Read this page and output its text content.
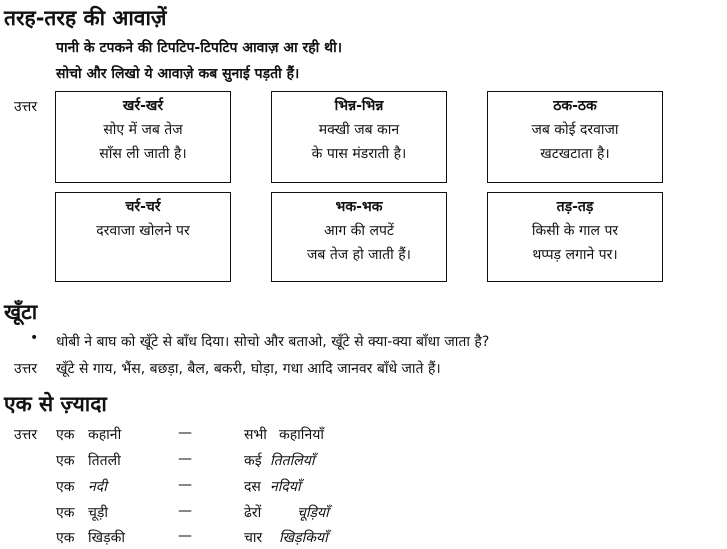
तरह-तरह की आवाज़ें
पानी के टपकने की टिपटिप-टिपटिप आवाज़ आ रही थी।
सोचो और लिखो ये आवाज़े कब सुनाई पड़ती हैं।
उत्तर	खर्र-खर्र
सोए में जब तेज
साँस ली जाती है।
भिन्न-भिन्न
मक्खी जब कान
के पास मंडराती है।
ठक-ठक
जब कोई दरवाजा
खटखटाता है।
चर्र-चर्र
दरवाजा खोलने पर
भक-भक
आग की लपटें
जब तेज हो जाती हैं।
तड़-तड़
किसी के गाल पर
थप्पड़ लगाने पर।
खूँटा
• धोबी ने बाघ को खूँटे से बाँध दिया। सोचो और बताओ, खूँटे से क्या-क्या बाँधा जाता है?
उत्तर खूँटे से गाय, भैंस, बछड़ा, बैल, बकरी, घोड़ा, गधा आदि जानवर बाँधे जाते हैं।
एक से ज़्यादा
उत्तर एक कहानी	—	सभी कहानियाँ
एक तितली	—	कई तितलियाँ
एक नदी	—	दस नदियाँ
एक चूड़ी	—	ढेरों	चूड़ियाँ
एक खिड़की	—	चार खिड़कियाँ
